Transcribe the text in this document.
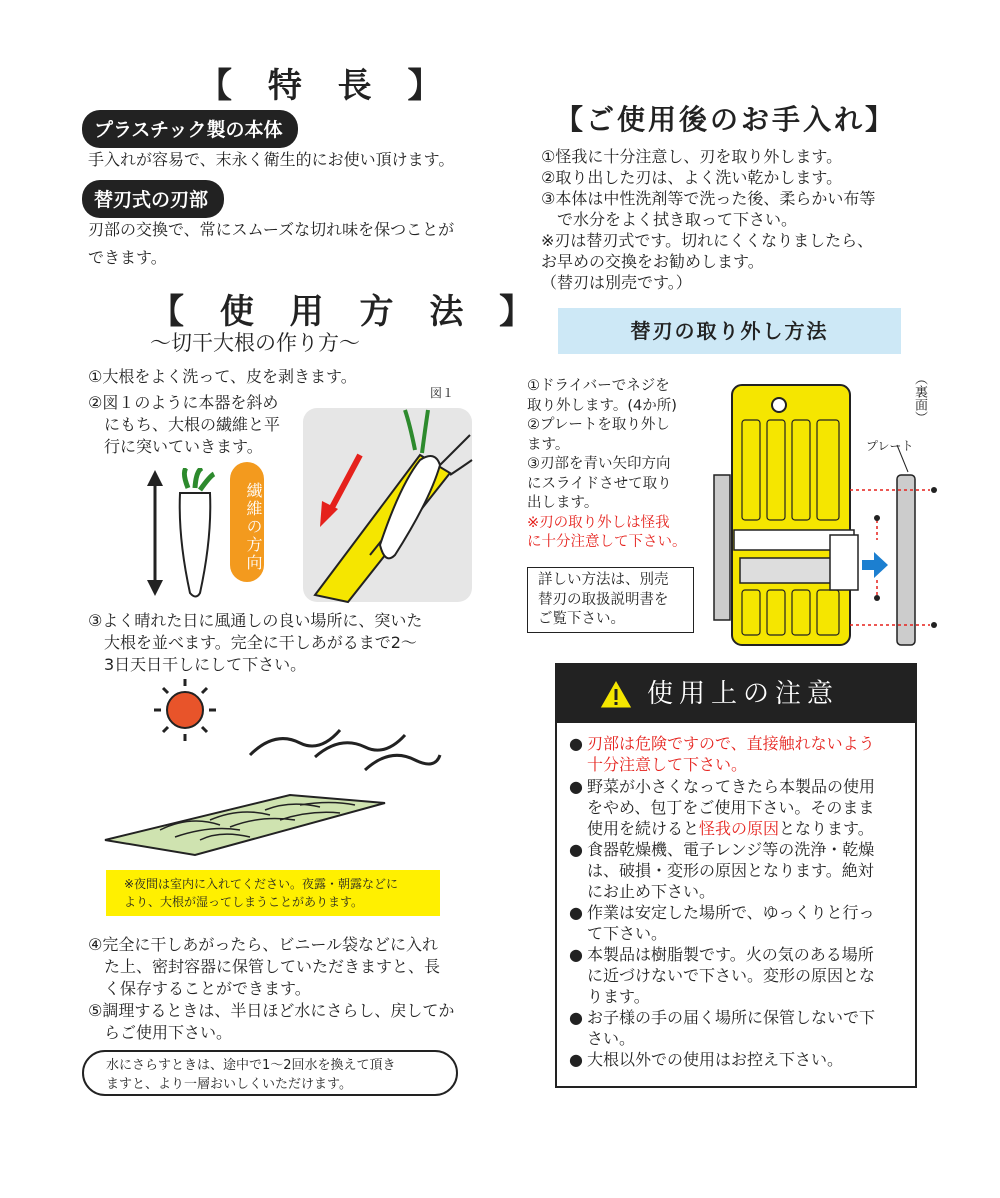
【 特 長 】
プラスチック製の本体
手入れが容易で、末永く衛生的にお使い頂けます。
替刃式の刃部
刃部の交換で、常にスムーズな切れ味を保つことが
できます。
【 使 用 方 法 】
～切干大根の作り方～
①大根をよく洗って、皮を剥きます。
②図１のように本器を斜め
　にもち、大根の繊維と平
　行に突いていきます。
図１
繊維の方向
③よく晴れた日に風通しの良い場所に、突いた
　大根を並べます。完全に干しあがるまで2～
　3日天日干しにして下さい。
※夜間は室内に入れてください。夜露・朝露などに
より、大根が湿ってしまうことがあります。
④完全に干しあがったら、ビニール袋などに入れ
　た上、密封容器に保管していただきますと、長
　く保存することができます。
⑤調理するときは、半日ほど水にさらし、戻してか
　らご使用下さい。
水にさらすときは、途中で1～2回水を換えて頂き
ますと、より一層おいしくいただけます。
【ご使用後のお手入れ】
①怪我に十分注意し、刃を取り外します。
②取り出した刃は、よく洗い乾かします。
③本体は中性洗剤等で洗った後、柔らかい布等
　で水分をよく拭き取って下さい。
※刃は替刃式です。切れにくくなりましたら、
お早めの交換をお勧めします。
（替刃は別売です。）
替刃の取り外し方法
①ドライバーでネジを
取り外します。(4か所)
②プレートを取り外し
ます。
③刃部を青い矢印方向
にスライドさせて取り
出します。
※刃の取り外しは怪我
に十分注意して下さい。
詳しい方法は、別売
替刃の取扱説明書を
ご覧下さい。
（裏面）
プレート
使用上の注意
● 刃部は危険ですので、直接触れないよう
十分注意して下さい。
● 野菜が小さくなってきたら本製品の使用
をやめ、包丁をご使用下さい。そのまま
使用を続けると怪我の原因となります。
● 食器乾燥機、電子レンジ等の洗浄・乾燥
は、破損・変形の原因となります。絶対
にお止め下さい。
● 作業は安定した場所で、ゆっくりと行っ
て下さい。
● 本製品は樹脂製です。火の気のある場所
に近づけないで下さい。変形の原因とな
ります。
● お子様の手の届く場所に保管しないで下
さい。
● 大根以外での使用はお控え下さい。
